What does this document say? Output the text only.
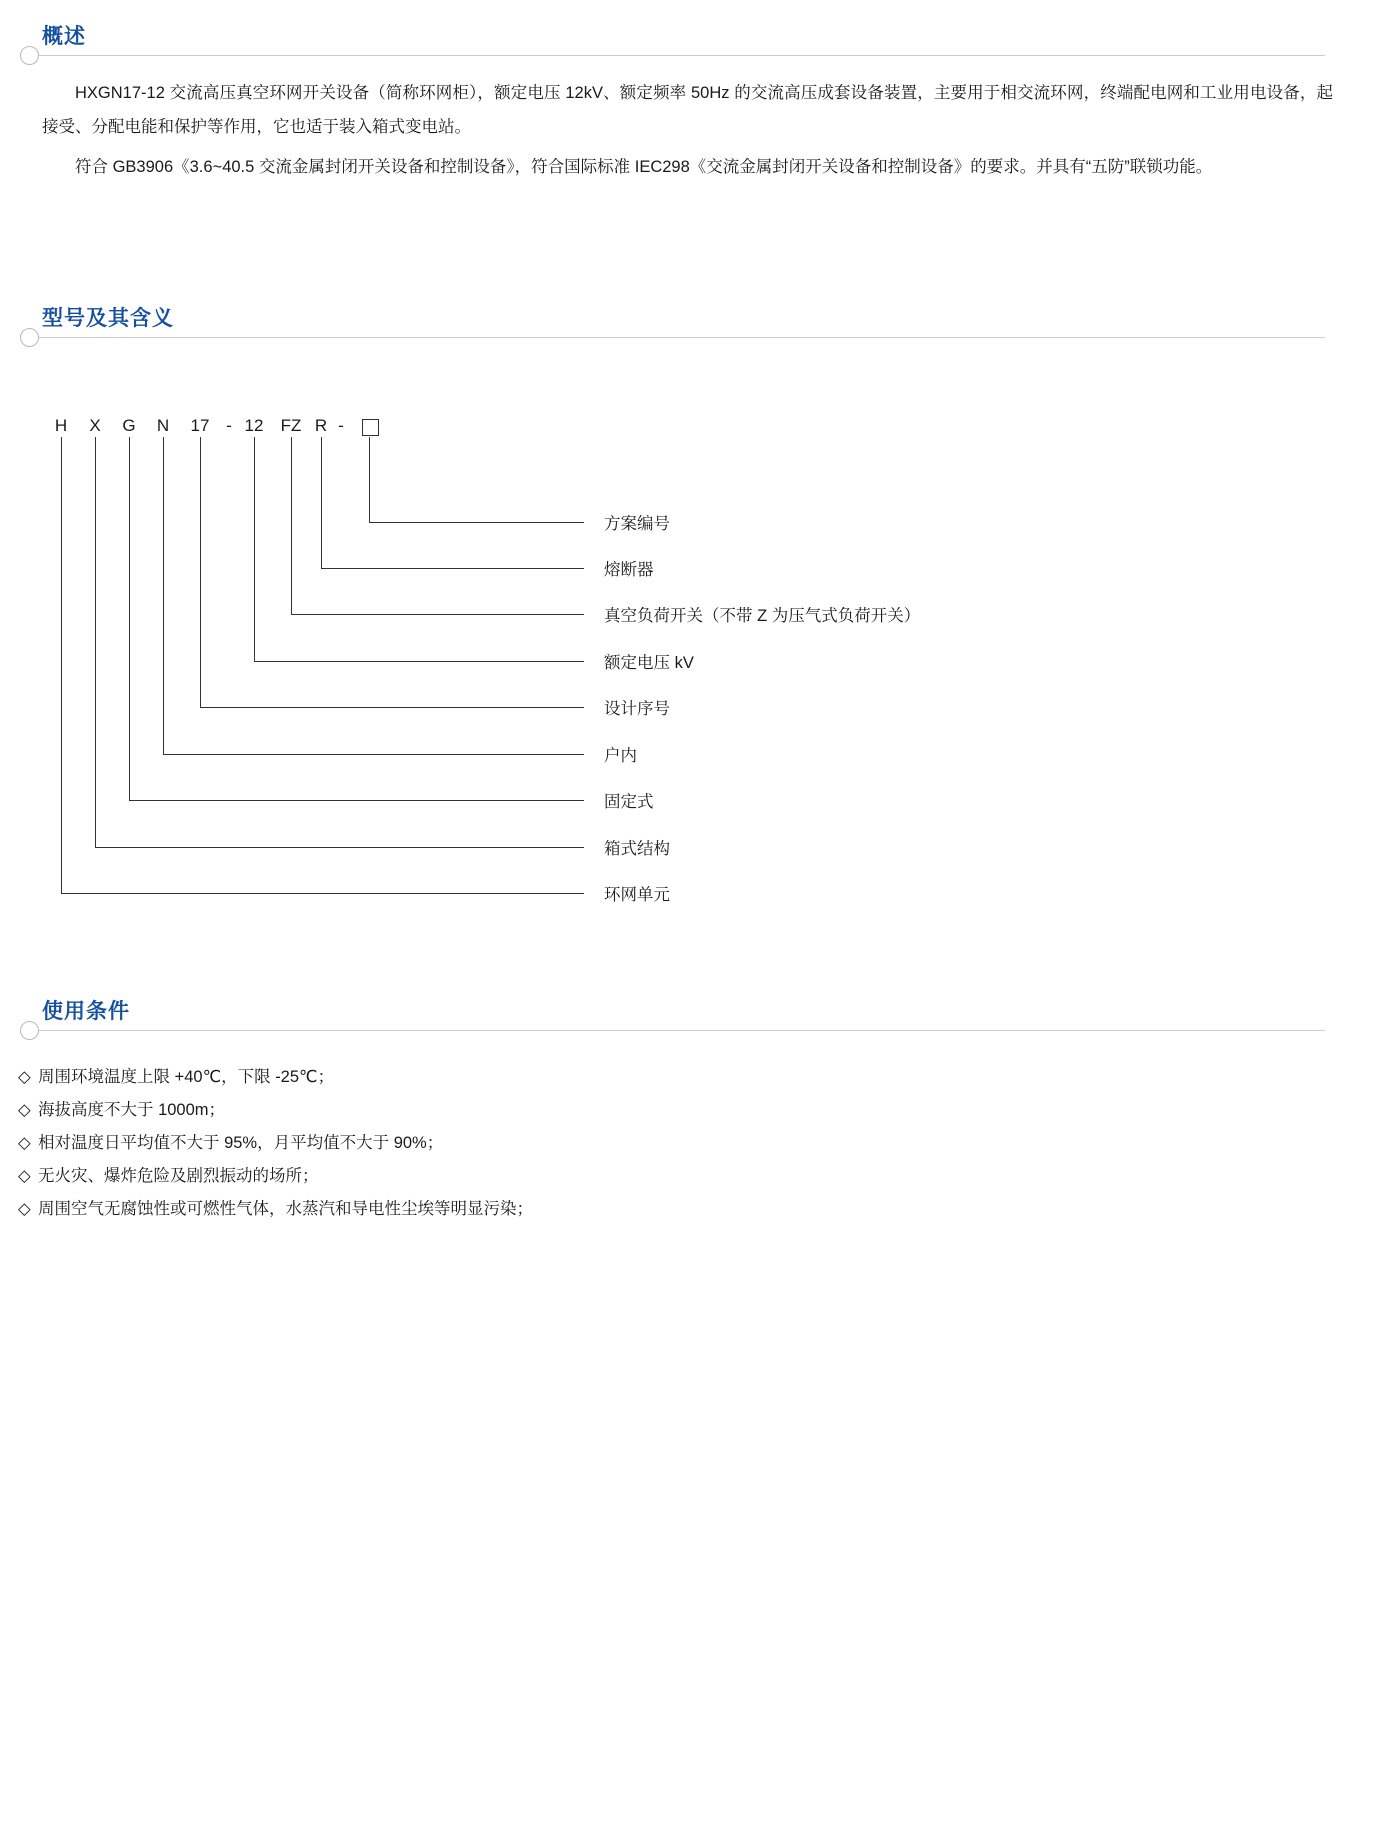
概述

HXGN17-12 交流高压真空环网开关设备（简称环网柜），额定电压 12kV、额定频率 50Hz 的交流高压成套设备装置，主要用于相交流环网，终端配电网和工业用电设备，起接受、分配电能和保护等作用，它也适于装入箱式变电站。

符合 GB3906《3.6~40.5 交流金属封闭开关设备和控制设备》，符合国际标准 IEC298《交流金属封闭开关设备和控制设备》的要求。并具有“五防”联锁功能。

型号及其含义
H X G N 17 - 12 FZ R -
方案编号
熔断器
真空负荷开关（不带 Z 为压气式负荷开关）
额定电压 kV
设计序号
户内
固定式
箱式结构
环网单元
使用条件
◇ 周围环境温度上限 +40℃，下限 -25℃；
◇ 海拔高度不大于 1000m；
◇ 相对温度日平均值不大于 95%，月平均值不大于 90%；
◇ 无火灾、爆炸危险及剧烈振动的场所；
◇ 周围空气无腐蚀性或可燃性气体，水蒸汽和导电性尘埃等明显污染；
